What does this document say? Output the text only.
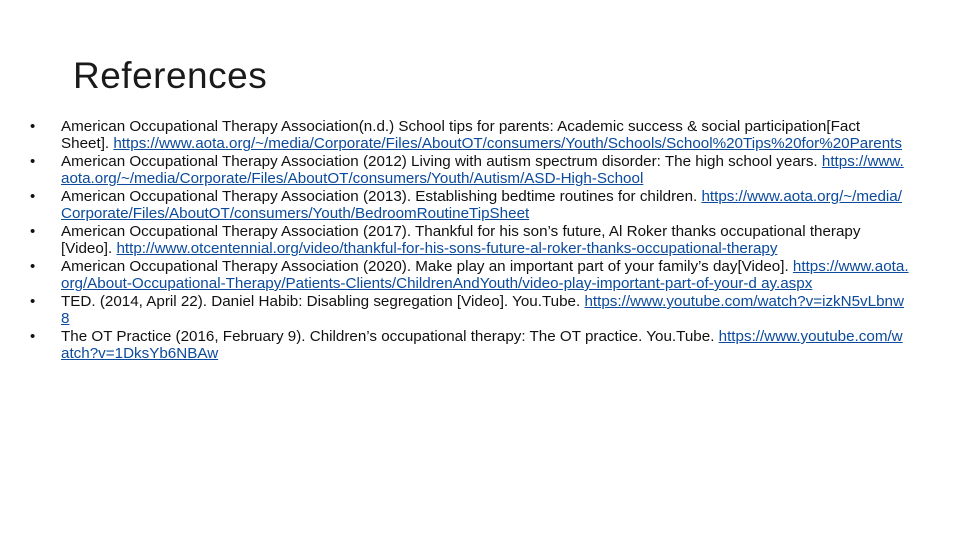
References
•	American Occupational Therapy Association(n.d.) School tips for parents: Academic success & social participation[Fact Sheet]. https://www.aota.org/~/media/Corporate/Files/AboutOT/consumers/Youth/Schools/School%20Tips%20for%20Parents
•	American Occupational Therapy Association (2012) Living with autism spectrum disorder: The high school years. https://www.aota.org/~/media/Corporate/Files/AboutOT/consumers/Youth/Autism/ASD-High-School
•	American Occupational Therapy Association (2013). Establishing bedtime routines for children. https://www.aota.org/~/media/Corporate/Files/AboutOT/consumers/Youth/BedroomRoutineTipSheet
•	American Occupational Therapy Association (2017). Thankful for his son’s future, Al Roker thanks occupational therapy [Video]. http://www.otcentennial.org/video/thankful-for-his-sons-future-al-roker-thanks-occupational-therapy
•	American Occupational Therapy Association (2020). Make play an important part of your family’s day[Video]. https://www.aota.org/About-Occupational-Therapy/Patients-Clients/ChildrenAndYouth/video-play-important-part-of-your-d ay.aspx
•	TED. (2014, April 22). Daniel Habib: Disabling segregation [Video]. You.Tube. https://www.youtube.com/watch?v=izkN5vLbnw8
•	The OT Practice (2016, February 9). Children’s occupational therapy: The OT practice. You.Tube. https://www.youtube.com/watch?v=1DksYb6NBAw
